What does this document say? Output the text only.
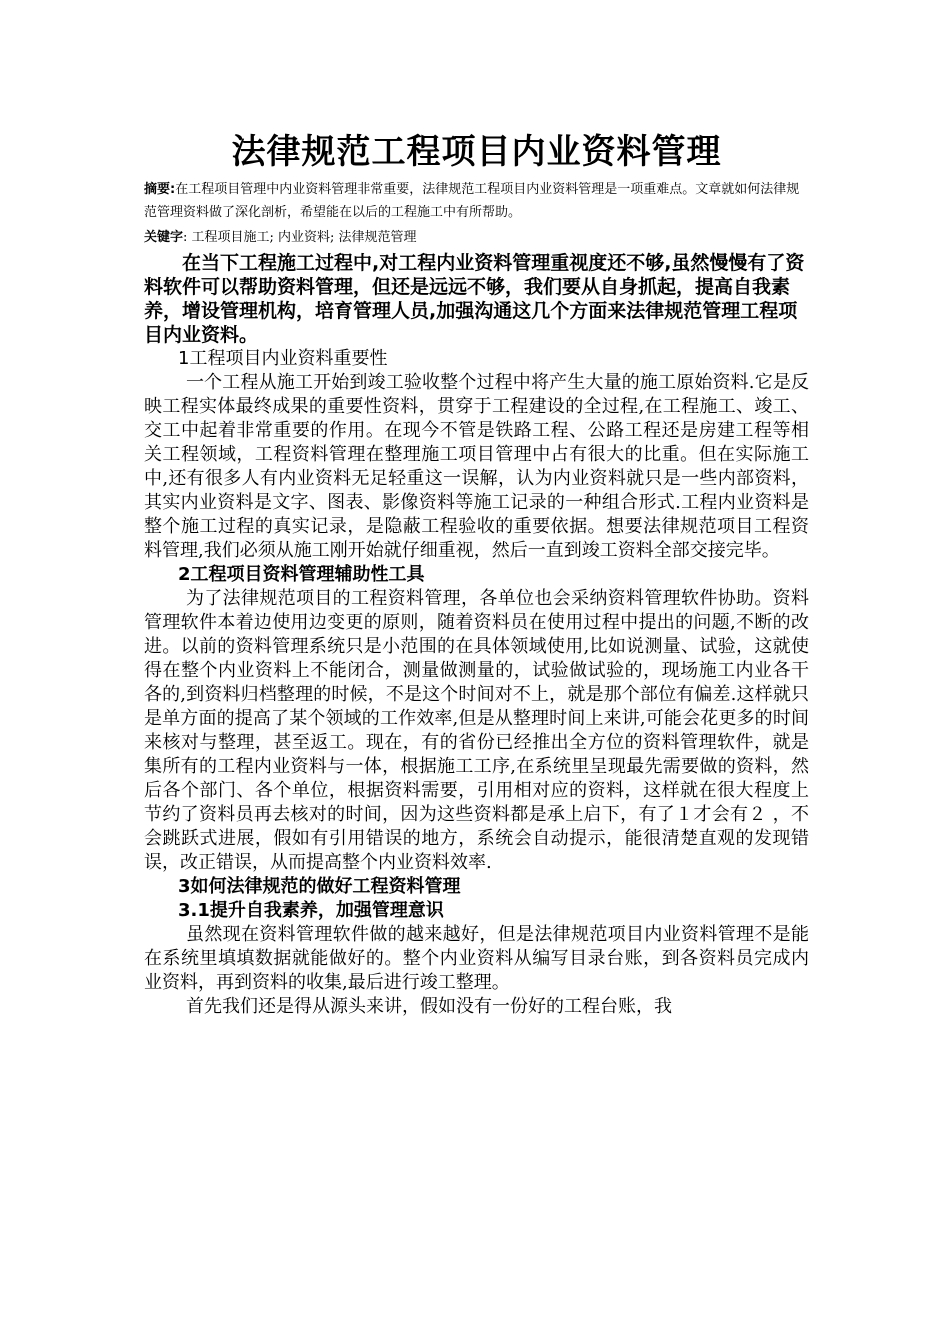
法律规范工程项目内业资料管理

摘要:在工程项目管理中内业资料管理非常重要，法律规范工程项目内业资料管理是一项重难点。文章就如何法律规范管理资料做了深化剖析，希望能在以后的工程施工中有所帮助。

关键字: 工程项目施工; 内业资料; 法律规范管理

在当下工程施工过程中,对工程内业资料管理重视度还不够,虽然慢慢有了资料软件可以帮助资料管理，但还是远远不够，我们要从自身抓起，提高自我素养，增设管理机构，培育管理人员,加强沟通这几个方面来法律规范管理工程项目内业资料。

1工程项目内业资料重要性

一个工程从施工开始到竣工验收整个过程中将产生大量的施工原始资料.它是反映工程实体最终成果的重要性资料，贯穿于工程建设的全过程,在工程施工、竣工、交工中起着非常重要的作用。在现今不管是铁路工程、公路工程还是房建工程等相关工程领域，工程资料管理在整理施工项目管理中占有很大的比重。但在实际施工中,还有很多人有内业资料无足轻重这一误解，认为内业资料就只是一些内部资料，其实内业资料是文字、图表、影像资料等施工记录的一种组合形式.工程内业资料是整个施工过程的真实记录，是隐蔽工程验收的重要依据。想要法律规范项目工程资料管理,我们必须从施工刚开始就仔细重视，然后一直到竣工资料全部交接完毕。

2工程项目资料管理辅助性工具

为了法律规范项目的工程资料管理，各单位也会采纳资料管理软件协助。资料管理软件本着边使用边变更的原则，随着资料员在使用过程中提出的问题,不断的改进。以前的资料管理系统只是小范围的在具体领域使用,比如说测量、试验，这就使得在整个内业资料上不能闭合，测量做测量的，试验做试验的，现场施工内业各干各的,到资料归档整理的时候，不是这个时间对不上，就是那个部位有偏差.这样就只是单方面的提高了某个领域的工作效率,但是从整理时间上来讲,可能会花更多的时间来核对与整理，甚至返工。现在，有的省份已经推出全方位的资料管理软件，就是集所有的工程内业资料与一体，根据施工工序,在系统里呈现最先需要做的资料，然后各个部门、各个单位，根据资料需要，引用相对应的资料，这样就在很大程度上节约了资料员再去核对的时间，因为这些资料都是承上启下，有了１才会有２ ，不会跳跃式进展，假如有引用错误的地方，系统会自动提示，能很清楚直观的发现错误，改正错误，从而提高整个内业资料效率.

3如何法律规范的做好工程资料管理
3.1提升自我素养，加强管理意识

虽然现在资料管理软件做的越来越好，但是法律规范项目内业资料管理不是能在系统里填填数据就能做好的。整个内业资料从编写目录台账，到各资料员完成内业资料，再到资料的收集,最后进行竣工整理。

首先我们还是得从源头来讲，假如没有一份好的工程台账，我
